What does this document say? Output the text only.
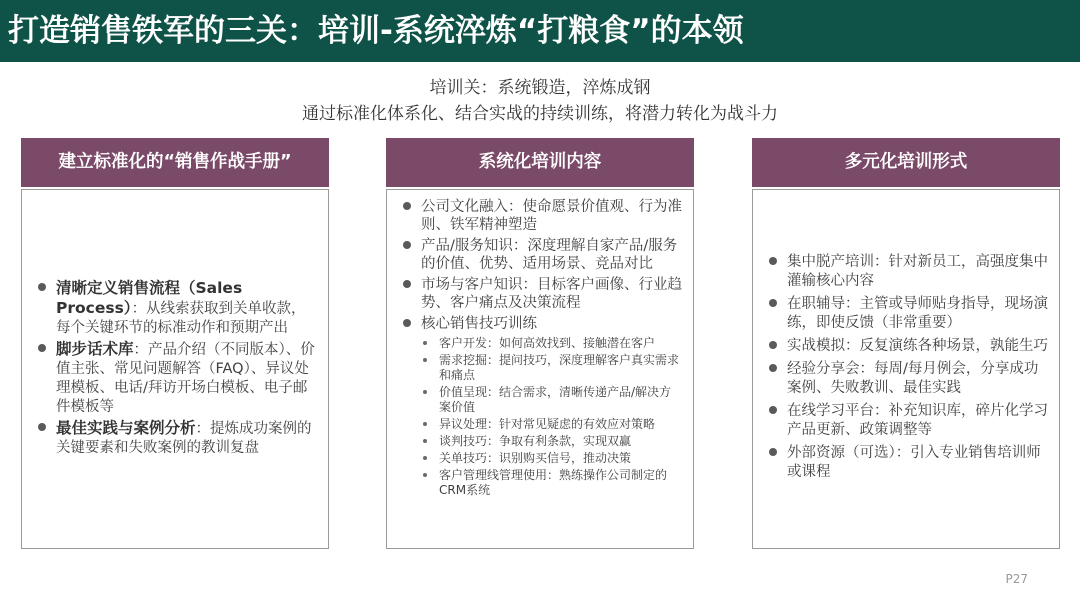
打造销售铁军的三关：培训-系统淬炼“打粮食”的本领
培训关：系统锻造，淬炼成钢
通过标准化体系化、结合实战的持续训练，将潜力转化为战斗力
建立标准化的“销售作战手册”
清晰定义销售流程（Sales Process）：从线索获取到关单收款，每个关键环节的标准动作和预期产出
脚步话术库：产品介绍（不同版本）、价值主张、常见问题解答（FAQ）、异议处理模板、电话/拜访开场白模板、电子邮件模板等
最佳实践与案例分析：提炼成功案例的关键要素和失败案例的教训复盘
系统化培训内容
公司文化融入：使命愿景价值观、行为准则、铁军精神塑造
产品/服务知识：深度理解自家产品/服务的价值、优势、适用场景、竞品对比
市场与客户知识：目标客户画像、行业趋势、客户痛点及决策流程
核心销售技巧训练
客户开发：如何高效找到、接触潜在客户
需求挖掘：提问技巧，深度理解客户真实需求和痛点
价值呈现：结合需求，清晰传递产品/解决方案价值
异议处理：针对常见疑虑的有效应对策略
谈判技巧：争取有利条款，实现双赢
关单技巧：识别购买信号，推动决策
客户管理线管理使用：熟练操作公司制定的CRM系统
多元化培训形式
集中脱产培训：针对新员工，高强度集中灌输核心内容
在职辅导：主管或导师贴身指导，现场演练，即使反馈（非常重要）
实战模拟：反复演练各种场景，孰能生巧
经验分享会：每周/每月例会，分享成功案例、失败教训、最佳实践
在线学习平台：补充知识库，碎片化学习产品更新、政策调整等
外部资源（可选）：引入专业销售培训师或课程
P27
